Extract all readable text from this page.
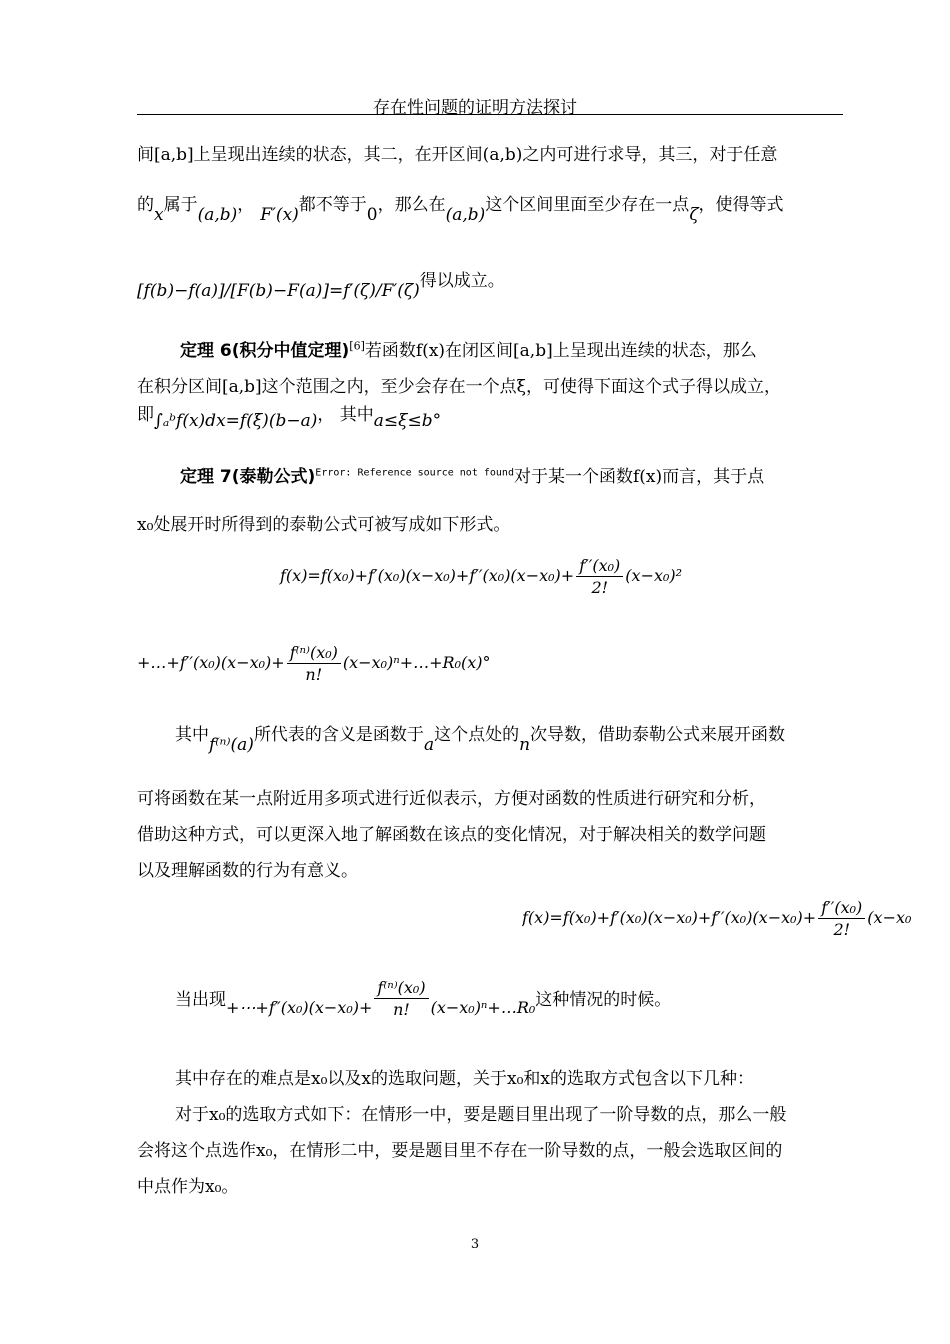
存在性问题的证明方法探讨
间[a,b]上呈现出连续的状态，其二，在开区间(a,b)之内可进行求导，其三，对于任意
的x属于(a,b)， F′(x)都不等于0，那么在(a,b)这个区间里面至少存在一点ζ，使得等式
[f(b)−f(a)]/[F(b)−F(a)]=f′(ζ)/F′(ζ)得以成立。
定理 6(积分中值定理)[6]若函数f(x)在闭区间[a,b]上呈现出连续的状态，那么
在积分区间[a,b]这个范围之内，至少会存在一个点ξ，可使得下面这个式子得以成立，
即∫ₐᵇf(x)dx=f(ξ)(b−a)， 其中a≤ξ≤b°
定理 7(泰勒公式)$^{Error: Reference source not found}$对于某一个函数f(x)而言，其于点
x₀处展开时所得到的泰勒公式可被写成如下形式。
$f(x)=f(x_0)+f'(x_0)(x-x_0)+f''(x_0)(x-x_0)+ \frac{\text{f′′(x₀)}}{2!} (x-x_0)^2$
+…+f′′(x₀)(x−x₀)+ $\frac{\text{f⁽ⁿ⁾(x₀)}}{n!}$ (x−x₀)ⁿ+…+R₀(x)°
其中f⁽ⁿ⁾(a)所代表的含义是函数于a这个点处的n次导数，借助泰勒公式来展开函数
可将函数在某一点附近用多项式进行近似表示，方便对函数的性质进行研究和分析，
借助这种方式，可以更深入地了解函数在该点的变化情况，对于解决相关的数学问题
以及理解函数的行为有意义。
$f(x)=f(x_0)+f'(x_0)(x-x_0)+f''(x_0)(x-x_0)+ \frac{\text{f′′(x₀)}}{2!} (x-x_0$
当出现+⋯+f″(x₀)(x−x₀)+ $\frac{\text{f⁽ⁿ⁾(x₀)}}{n!}$ (x−x₀)ⁿ+…R₀这种情况的时候。
其中存在的难点是x₀以及x的选取问题，关于x₀和x的选取方式包含以下几种：
对于x₀的选取方式如下：在情形一中，要是题目里出现了一阶导数的点，那么一般
会将这个点选作x₀，在情形二中，要是题目里不存在一阶导数的点，一般会选取区间的
中点作为x₀。
3
